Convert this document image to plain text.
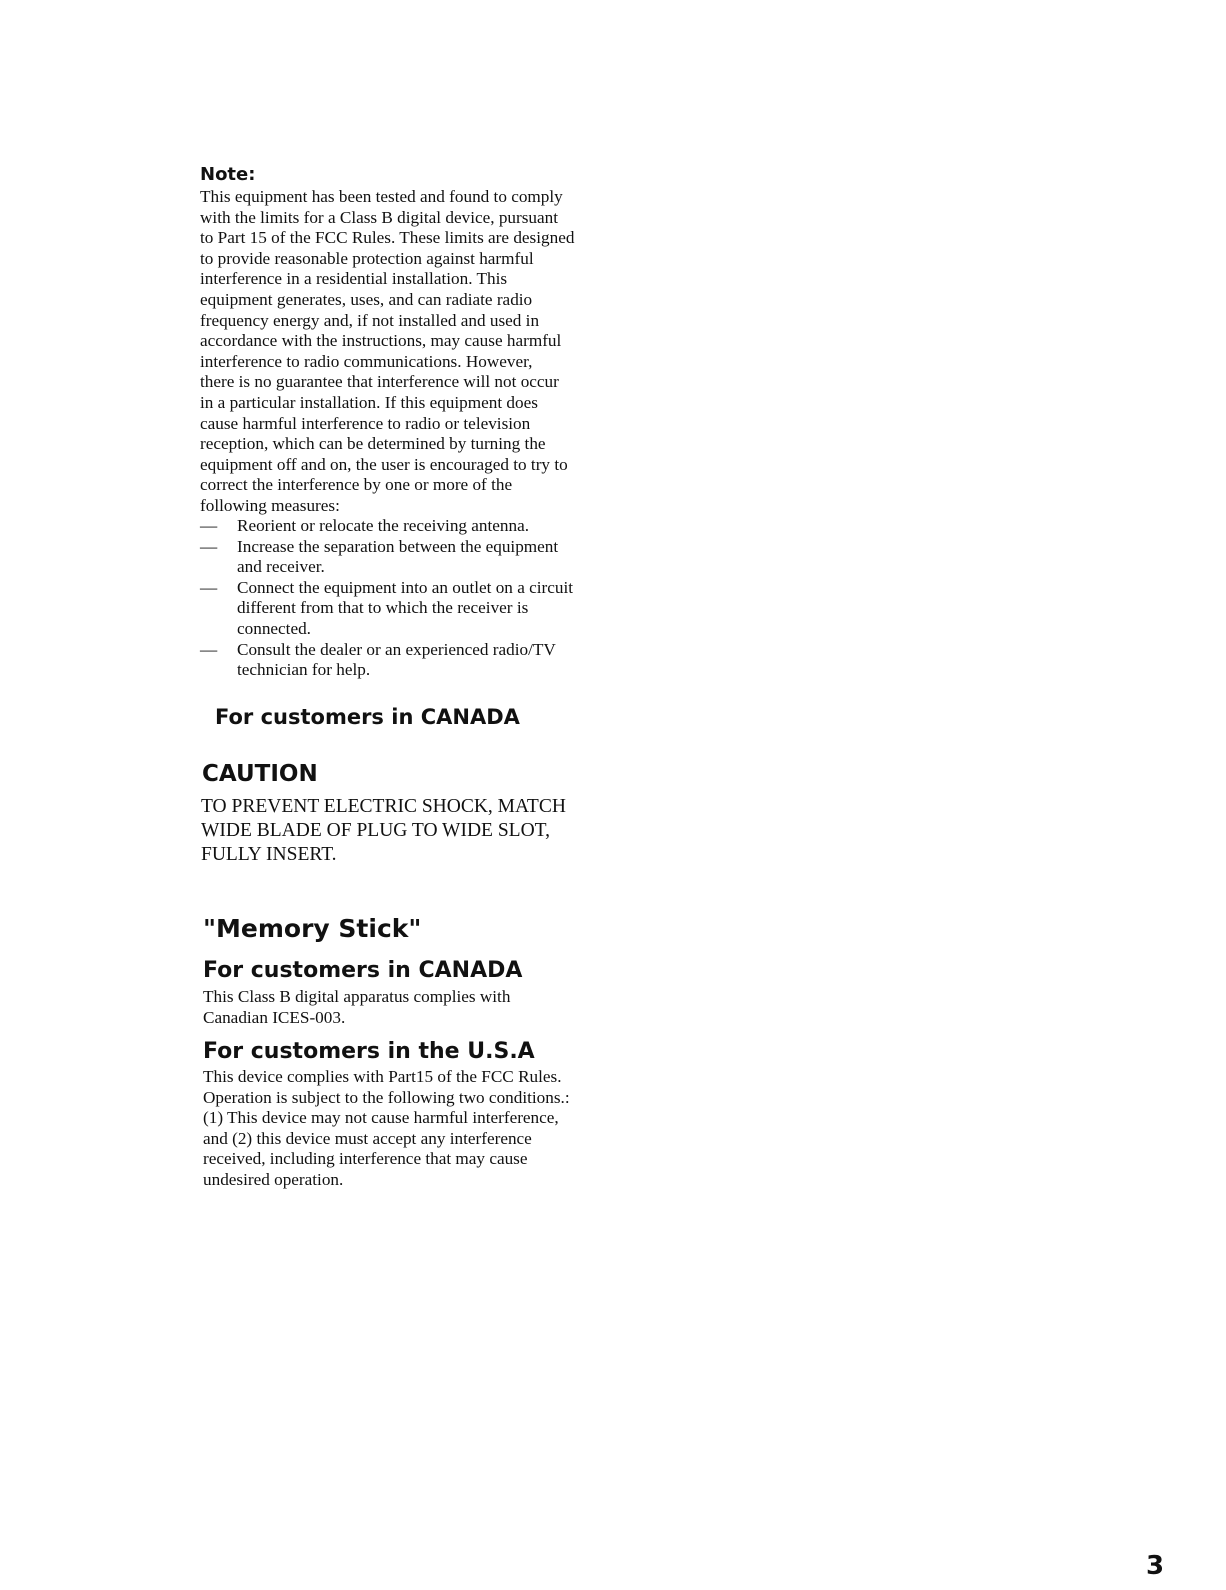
Note:

This equipment has been tested and found to comply
with the limits for a Class B digital device, pursuant
to Part 15 of the FCC Rules. These limits are designed
to provide reasonable protection against harmful
interference in a residential installation. This
equipment generates, uses, and can radiate radio
frequency energy and, if not installed and used in
accordance with the instructions, may cause harmful
interference to radio communications. However,
there is no guarantee that interference will not occur
in a particular installation. If this equipment does
cause harmful interference to radio or television
reception, which can be determined by turning the
equipment off and on, the user is encouraged to try to
correct the interference by one or more of the
following measures:

— Reorient or relocate the receiving antenna.
— Increase the separation between the equipment
and receiver.
— Connect the equipment into an outlet on a circuit
different from that to which the receiver is
connected.
— Consult the dealer or an experienced radio/TV
technician for help.
For customers in CANADA
CAUTION

TO PREVENT ELECTRIC SHOCK, MATCH
WIDE BLADE OF PLUG TO WIDE SLOT,
FULLY INSERT.

"Memory Stick"
For customers in CANADA

This Class B digital apparatus complies with
Canadian ICES-003.

For customers in the U.S.A

This device complies with Part15 of the FCC Rules.
Operation is subject to the following two conditions.:
(1) This device may not cause harmful interference,
and (2) this device must accept any interference
received, including interference that may cause
undesired operation.

3
